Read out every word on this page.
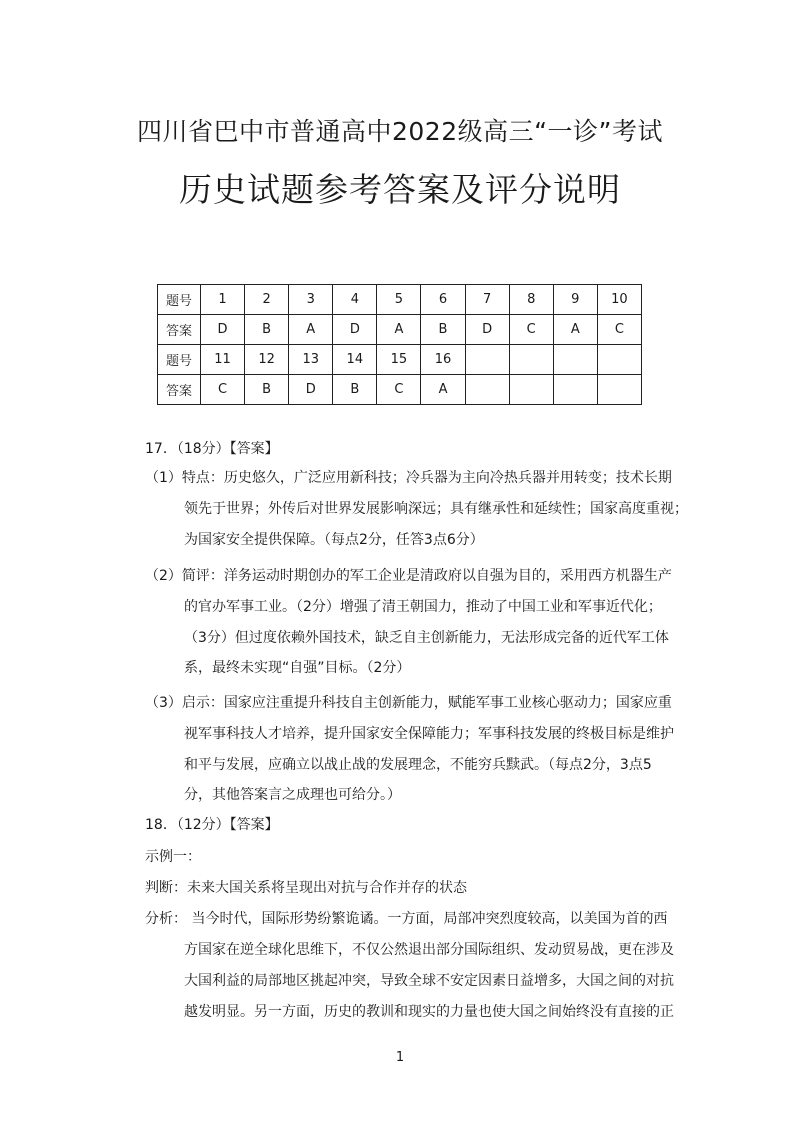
四川省巴中市普通高中2022级高三“一诊”考试
历史试题参考答案及评分说明
题号	1	2	3	4	5	6	7	8	9	10
答案	D	B	A	D	A	B	D	C	A	C
题号	11	12	13	14	15	16				
答案	C	B	D	B	C	A				
17．（18分）【答案】
（1）特点：历史悠久，广泛应用新科技；冷兵器为主向冷热兵器并用转变；技术长期
领先于世界；外传后对世界发展影响深远；具有继承性和延续性；国家高度重视；
为国家安全提供保障。（每点2分，任答3点6分）
（2）简评：洋务运动时期创办的军工企业是清政府以自强为目的，采用西方机器生产
的官办军事工业。（2分）增强了清王朝国力，推动了中国工业和军事近代化；
（3分）但过度依赖外国技术，缺乏自主创新能力，无法形成完备的近代军工体
系，最终未实现“自强”目标。（2分）
（3）启示：国家应注重提升科技自主创新能力，赋能军事工业核心驱动力；国家应重
视军事科技人才培养，提升国家安全保障能力；军事科技发展的终极目标是维护
和平与发展，应确立以战止战的发展理念，不能穷兵黩武。（每点2分，3点5
分，其他答案言之成理也可给分。）
18．（12分）【答案】
示例一：
判断：未来大国关系将呈现出对抗与合作并存的状态
分析： 当今时代，国际形势纷繁诡谲。一方面，局部冲突烈度较高，以美国为首的西
方国家在逆全球化思维下，不仅公然退出部分国际组织、发动贸易战，更在涉及
大国利益的局部地区挑起冲突，导致全球不安定因素日益增多，大国之间的对抗
越发明显。另一方面，历史的教训和现实的力量也使大国之间始终没有直接的正
1
